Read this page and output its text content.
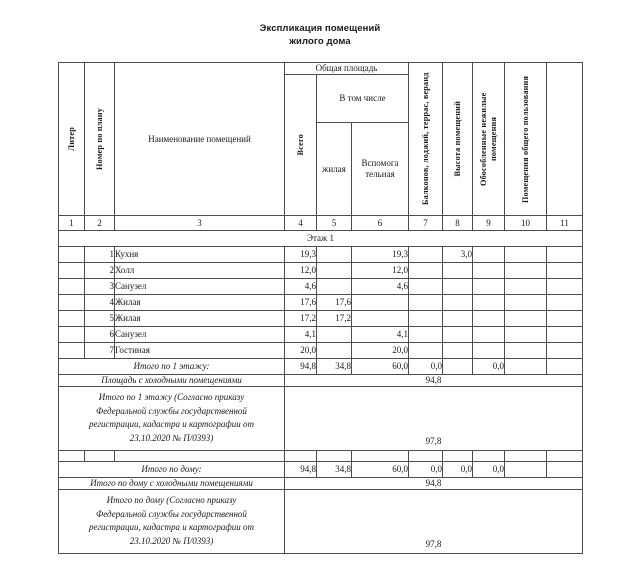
Экспликация помещений
жилого дома
Литер	Номер по плану	Наименование помещений	Общая площадь			Балконов, лоджий, террас, веранд	Высота помещений	Обособленные нежилые помещения	Помещения общего пользования	

			Всего	В том числе						
				жилая	Вспомога тельная					
1	2	3	4	5	6	7	8	9	10	11
Этаж 1										
	1	Кухня	19,3		19,3		3,0			
	2	Холл	12,0		12,0					
	3	Санузел	4,6		4,6					
	4	Жилая	17,6	17,6						
	5	Жилая	17,2	17,2						
	6	Санузел	4,1		4,1					
	7	Гостиная	20,0		20,0					
Итого по 1 этажу:			94,8	34,8	60,0	0,0		0,0		
Площадь с холодными помещениями			94,8							

Итого по 1 этажу (Согласно приказу
Федеральной службы государственной
регистрации, кадастра и картографии от
23.10.2020 № П/0393)			97,8							

Итого по дому:			94,8	34,8	60,0	0,0	0,0	0,0		
Итого по дому с холодными помещениями			94,8							

Итого по дому (Согласно приказу
Федеральной службы государственной
регистрации, кадастра и картографии от
23.10.2020 № П/0393)			97,8							
